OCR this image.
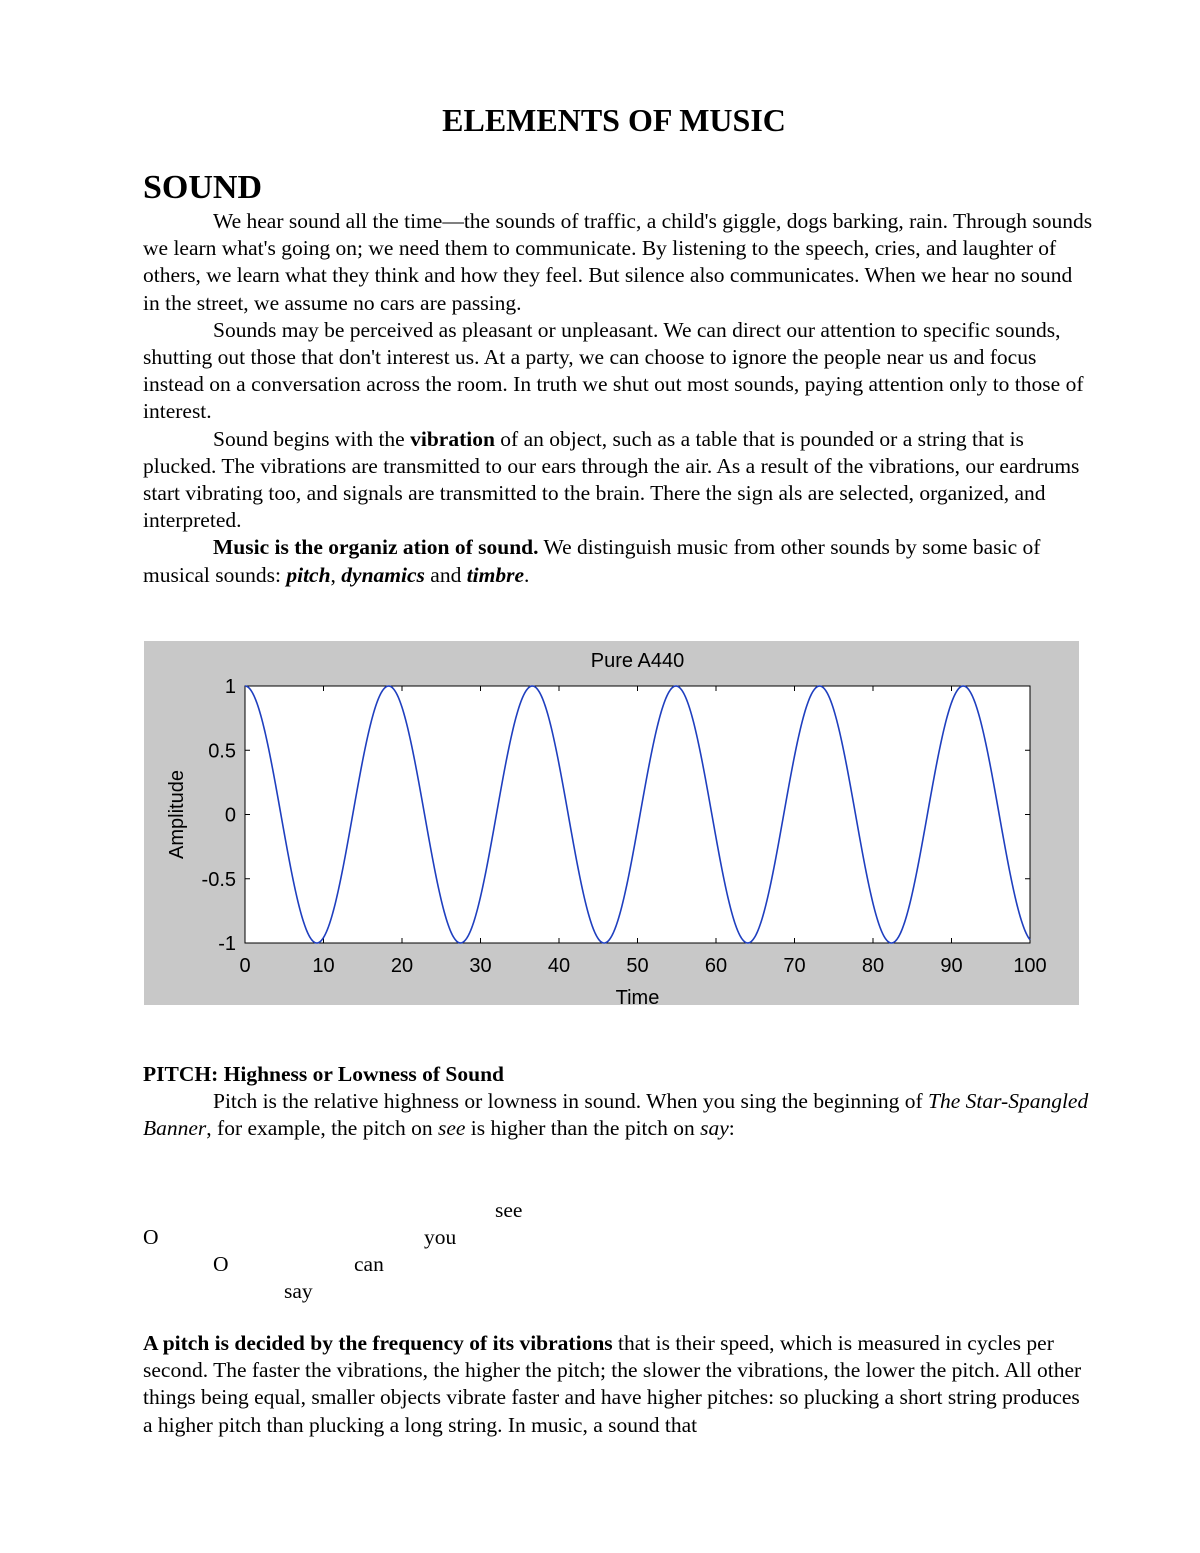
ELEMENTS OF MUSIC
SOUND

We hear sound all the time—the sounds of traffic, a child's giggle, dogs barking, rain. Through sounds we learn what's going on; we need them to communicate. By listening to the speech, cries, and laughter of others, we learn what they think and how they feel. But silence also communicates. When we hear no sound in the street, we assume no cars are passing.

Sounds may be perceived as pleasant or unpleasant. We can direct our attention to specific sounds, shutting out those that don't interest us. At a party, we can choose to ignore the people near us and focus instead on a conversation across the room. In truth we shut out most sounds, paying attention only to those of interest.

Sound begins with the vibration of an object, such as a table that is pounded or a string that is plucked. The vibrations are transmitted to our ears through the air. As a result of the vibrations, our eardrums start vibrating too, and signals are transmitted to the brain. There the sign als are selected, organized, and interpreted.

Music is the organiz ation of sound. We distinguish music from other sounds by some basic of musical sounds: pitch, dynamics and timbre.

Pure A440
0	10	20	30	40	50	60	70	80	90	100
1
0.5
0
-0.5
-1
Time
Amplitude
PITCH: Highness or Lowness of Sound

Pitch is the relative highness or lowness in sound. When you sing the beginning of The Star-Spangled Banner, for example, the pitch on see is higher than the pitch on say:

see
O	you
O	can
say

A pitch is decided by the frequency of its vibrations that is their speed, which is measured in cycles per second. The faster the vibrations, the higher the pitch; the slower the vibrations, the lower the pitch. All other things being equal, smaller objects vibrate faster and have higher pitches: so plucking a short string produces a higher pitch than plucking a long string. In music, a sound that
